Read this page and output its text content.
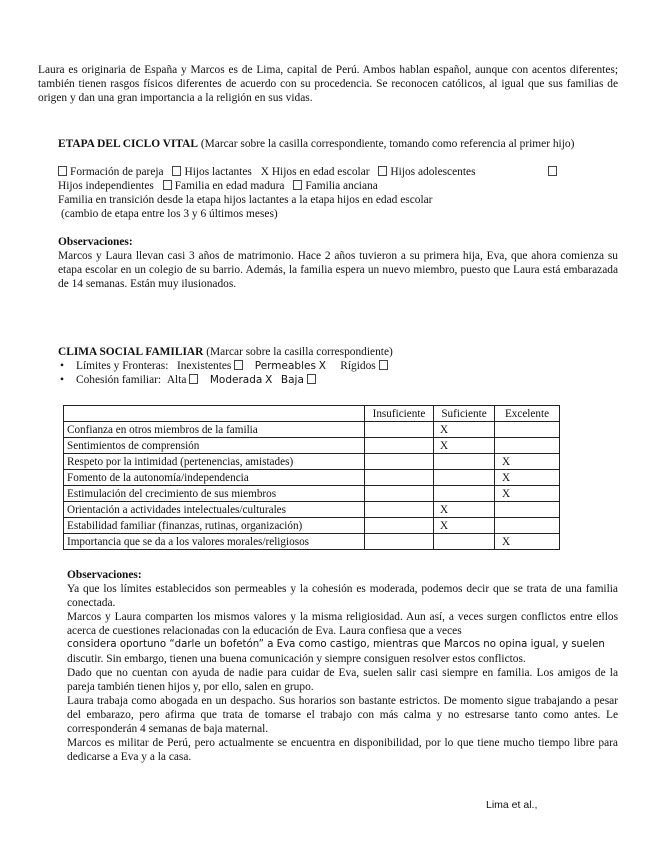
Laura es originaria de España y Marcos es de Lima, capital de Perú. Ambos hablan español, aunque con acentos diferentes; también tienen rasgos físicos diferentes de acuerdo con su procedencia. Se reconocen católicos, al igual que sus familias de origen y dan una gran importancia a la religión en sus vidas.

ETAPA DEL CICLO VITAL (Marcar sobre la casilla correspondiente, tomando como referencia al primer hijo)

Formación de pareja Hijos lactantes X Hijos en edad escolar Hijos adolescentes
Hijos independientes Familia en edad madura Familia anciana

Familia en transición desde la etapa hijos lactantes a la etapa hijos en edad escolar

(cambio de etapa entre los 3 y 6 últimos meses)

Observaciones:

Marcos y Laura llevan casi 3 años de matrimonio. Hace 2 años tuvieron a su primera hija, Eva, que ahora comienza su etapa escolar en un colegio de su barrio. Además, la familia espera un nuevo miembro, puesto que Laura está embarazada de 14 semanas. Están muy ilusionados.

CLIMA SOCIAL FAMILIAR (Marcar sobre la casilla correspondiente)

• Límites y Fronteras: Inexistentes Permeables X Rígidos
• Cohesión familiar: Alta Moderada X Baja
	Insuficiente	Suficiente	Excelente
Confianza en otros miembros de la familia		X	
Sentimientos de comprensión		X	
Respeto por la intimidad (pertenencias, amistades)			X
Fomento de la autonomía/independencia			X
Estimulación del crecimiento de sus miembros			X
Orientación a actividades intelectuales/culturales		X	
Estabilidad familiar (finanzas, rutinas, organización)		X	
Importancia que se da a los valores morales/religiosos			X

Observaciones:

Ya que los límites establecidos son permeables y la cohesión es moderada, podemos decir que se trata de una familia conectada.

Marcos y Laura comparten los mismos valores y la misma religiosidad. Aun así, a veces surgen conflictos entre ellos acerca de cuestiones relacionadas con la educación de Eva. Laura confiesa que a veces

considera oportuno “darle un bofetón” a Eva como castigo, mientras que Marcos no opina igual, y suelen

discutir. Sin embargo, tienen una buena comunicación y siempre consiguen resolver estos conflictos.

Dado que no cuentan con ayuda de nadie para cuidar de Eva, suelen salir casi siempre en familia. Los amigos de la pareja también tienen hijos y, por ello, salen en grupo.

Laura trabaja como abogada en un despacho. Sus horarios son bastante estrictos. De momento sigue trabajando a pesar del embarazo, pero afirma que trata de tomarse el trabajo con más calma y no estresarse tanto como antes. Le corresponderán 4 semanas de baja maternal.

Marcos es militar de Perú, pero actualmente se encuentra en disponibilidad, por lo que tiene mucho tiempo libre para dedicarse a Eva y a la casa.

Lima et al.,
